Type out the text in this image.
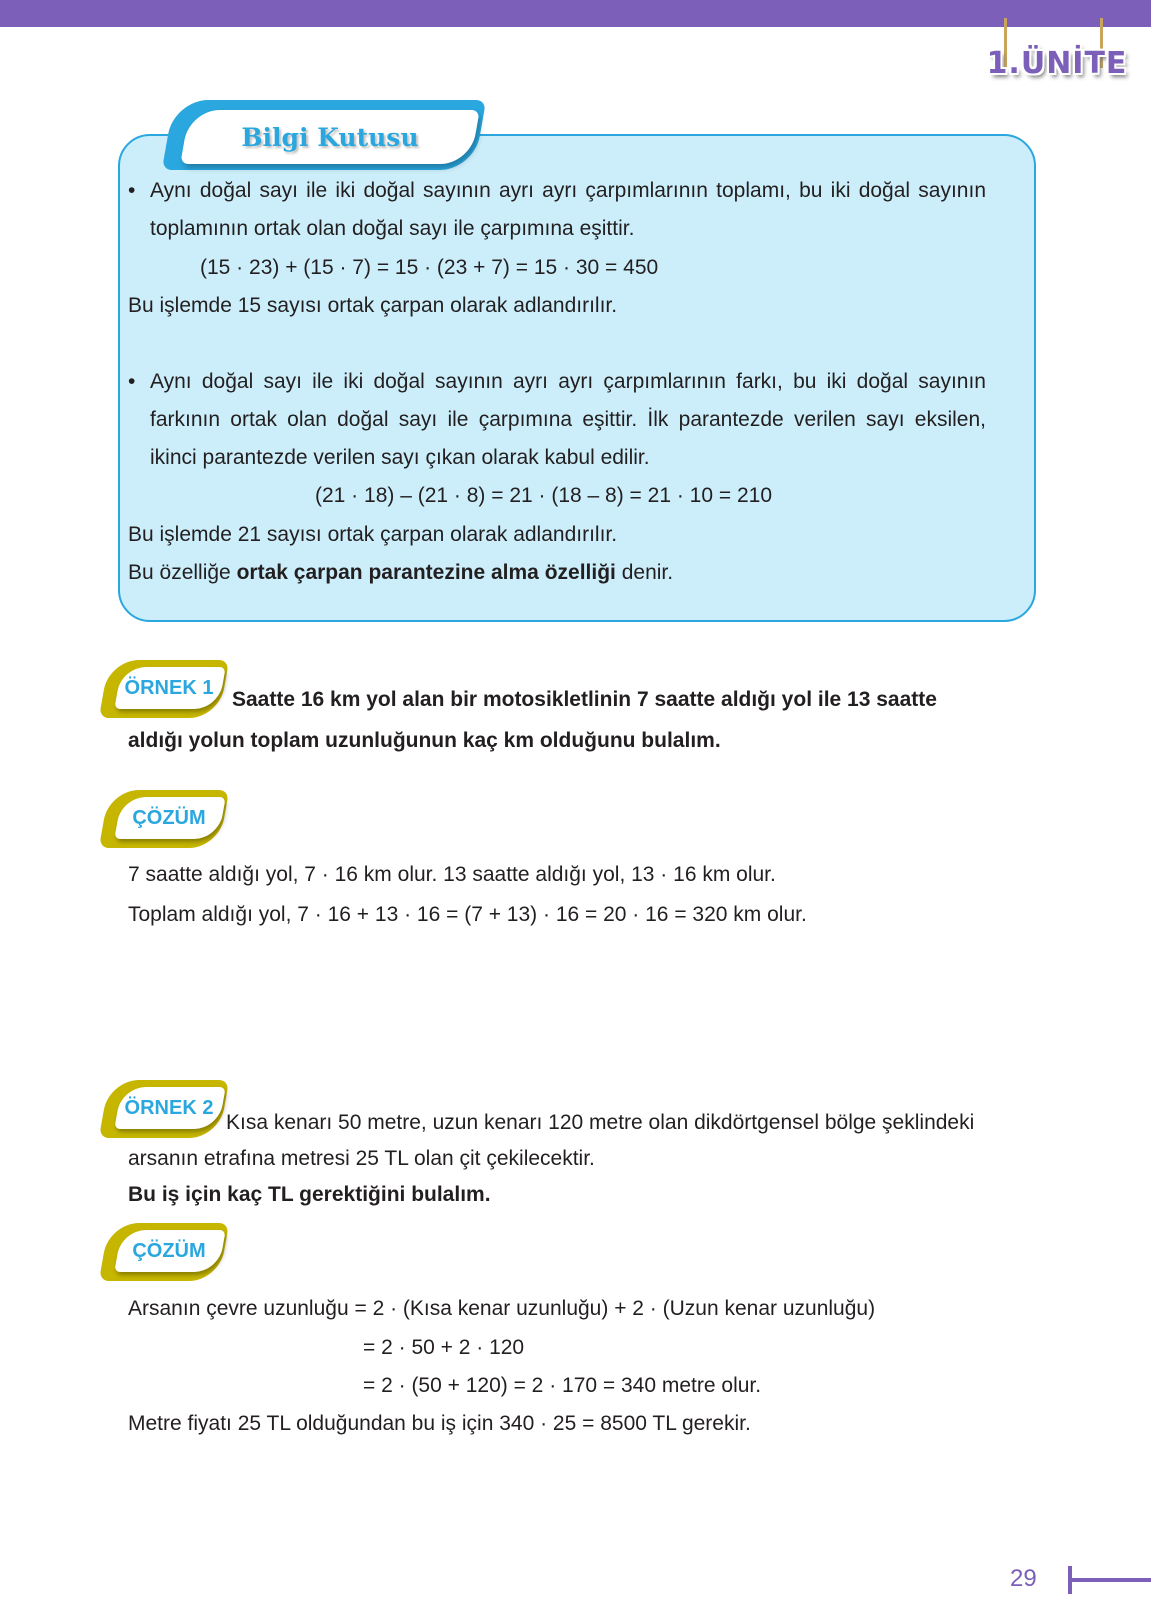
1.ÜNİTE
Bilgi Kutusu
• Aynı doğal sayı ile iki doğal sayının ayrı ayrı çarpımlarının toplamı, bu iki doğal sayının

toplamının ortak olan doğal sayı ile çarpımına eşittir.

(15 · 23) + (15 · 7) = 15 · (23 + 7) = 15 · 30 = 450

Bu işlemde 15 sayısı ortak çarpan olarak adlandırılır.

• Aynı doğal sayı ile iki doğal sayının ayrı ayrı çarpımlarının farkı, bu iki doğal sayının

farkının ortak olan doğal sayı ile çarpımına eşittir. İlk parantezde verilen sayı eksilen,

ikinci parantezde verilen sayı çıkan olarak kabul edilir.

(21 · 18) – (21 · 8) = 21 · (18 – 8) = 21 · 10 = 210

Bu işlemde 21 sayısı ortak çarpan olarak adlandırılır.

Bu özelliğe ortak çarpan parantezine alma özelliği denir.

ÖRNEK 1 Saatte 16 km yol alan bir motosikletlinin 7 saatte aldığı yol ile 13 saatte

aldığı yolun toplam uzunluğunun kaç km olduğunu bulalım.

ÇÖZÜM

7 saatte aldığı yol, 7 · 16 km olur. 13 saatte aldığı yol, 13 · 16 km olur.

Toplam aldığı yol, 7 · 16 + 13 · 16 = (7 + 13) · 16 = 20 · 16 = 320 km olur.

ÖRNEK 2

Kısa kenarı 50 metre, uzun kenarı 120 metre olan dikdörtgensel bölge şeklindeki

arsanın etrafına metresi 25 TL olan çit çekilecektir.

Bu iş için kaç TL gerektiğini bulalım.

ÇÖZÜM

Arsanın çevre uzunluğu = 2 · (Kısa kenar uzunluğu) + 2 · (Uzun kenar uzunluğu)

= 2 · 50 + 2 · 120

= 2 · (50 + 120) = 2 · 170 = 340 metre olur.

Metre fiyatı 25 TL olduğundan bu iş için 340 · 25 = 8500 TL gerekir.

29
